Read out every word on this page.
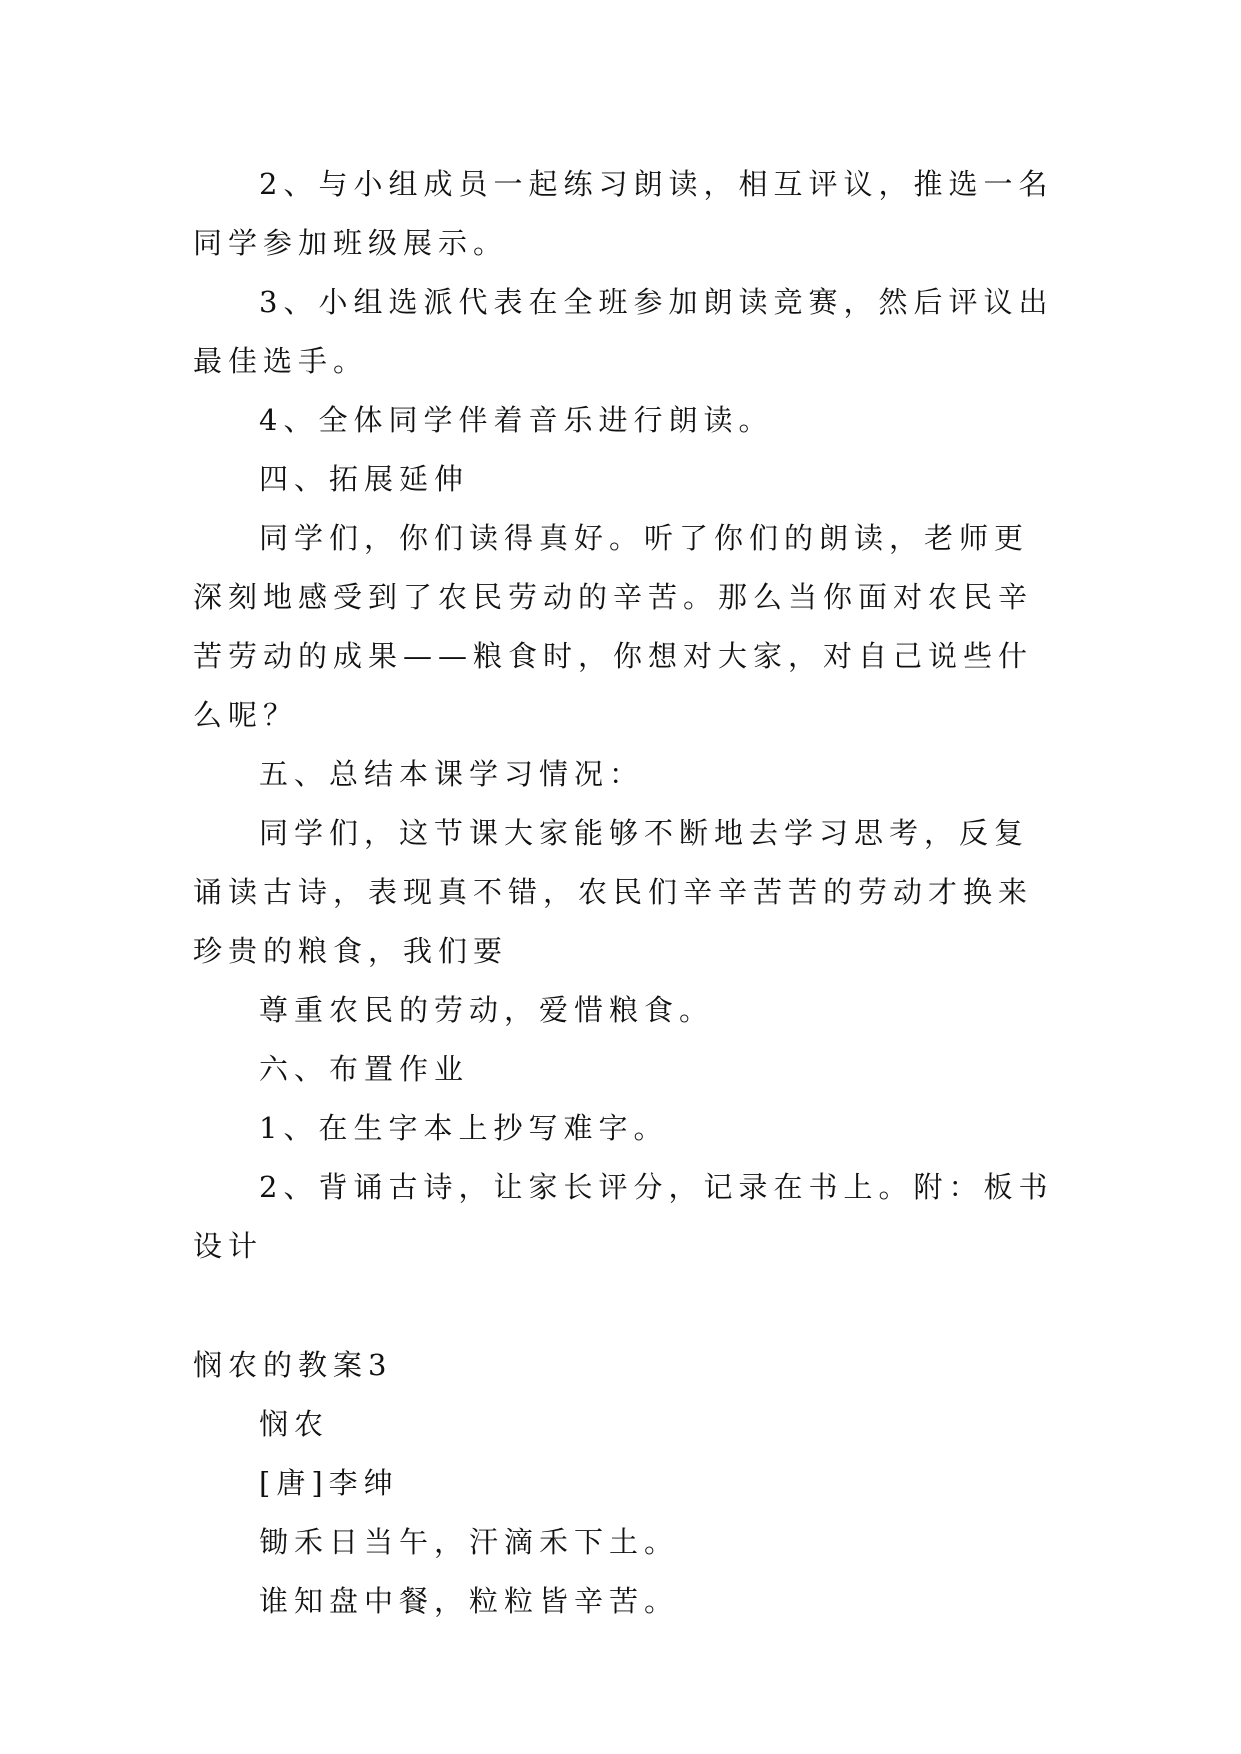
2、与小组成员一起练习朗读，相互评议，推选一名同学参加班级展示。

3、小组选派代表在全班参加朗读竞赛，然后评议出最佳选手。

4、全体同学伴着音乐进行朗读。

四、拓展延伸

同学们，你们读得真好。听了你们的朗读，老师更深刻地感受到了农民劳动的辛苦。那么当你面对农民辛苦劳动的成果——粮食时，你想对大家，对自己说些什么呢？

五、总结本课学习情况：

同学们，这节课大家能够不断地去学习思考，反复诵读古诗，表现真不错，农民们辛辛苦苦的劳动才换来珍贵的粮食，我们要

尊重农民的劳动，爱惜粮食。

六、布置作业

1、在生字本上抄写难字。

2、背诵古诗，让家长评分，记录在书上。附：板书设计

悯农的教案3

悯农

[唐]李绅

锄禾日当午，汗滴禾下土。

谁知盘中餐，粒粒皆辛苦。
